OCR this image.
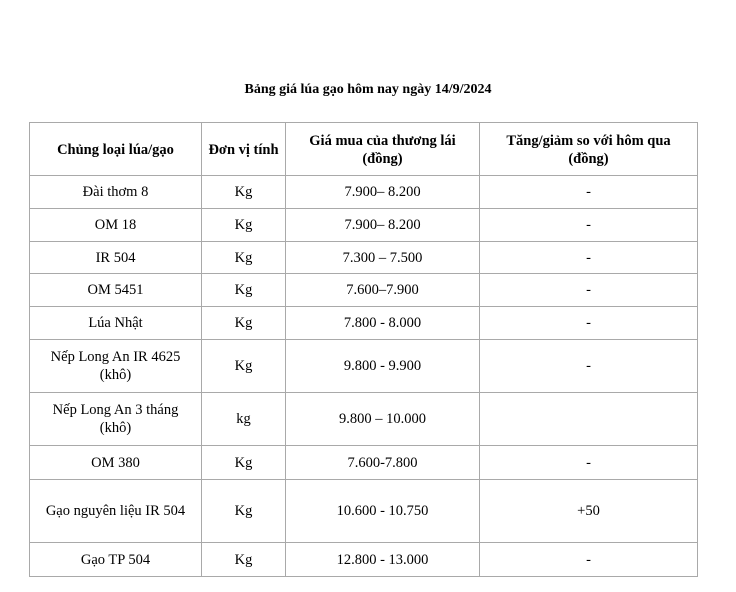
Bảng giá lúa gạo hôm nay ngày 14/9/2024
Chủng loại lúa/gạo	Đơn vị tính	Giá mua của thương lái (đồng)	Tăng/giảm so với hôm qua (đồng)
Đài thơm 8	Kg	7.900– 8.200	-
OM 18	Kg	7.900– 8.200	-
IR 504	Kg	7.300 – 7.500	-
OM 5451	Kg	7.600–7.900	-
Lúa Nhật	Kg	7.800 - 8.000	-
Nếp Long An IR 4625 (khô)	Kg	9.800 - 9.900	-
Nếp Long An 3 tháng (khô)	kg	9.800 – 10.000	
OM 380	Kg	7.600-7.800	-
Gạo nguyên liệu IR 504	Kg	10.600 - 10.750	+50
Gạo TP 504	Kg	12.800 - 13.000	-
